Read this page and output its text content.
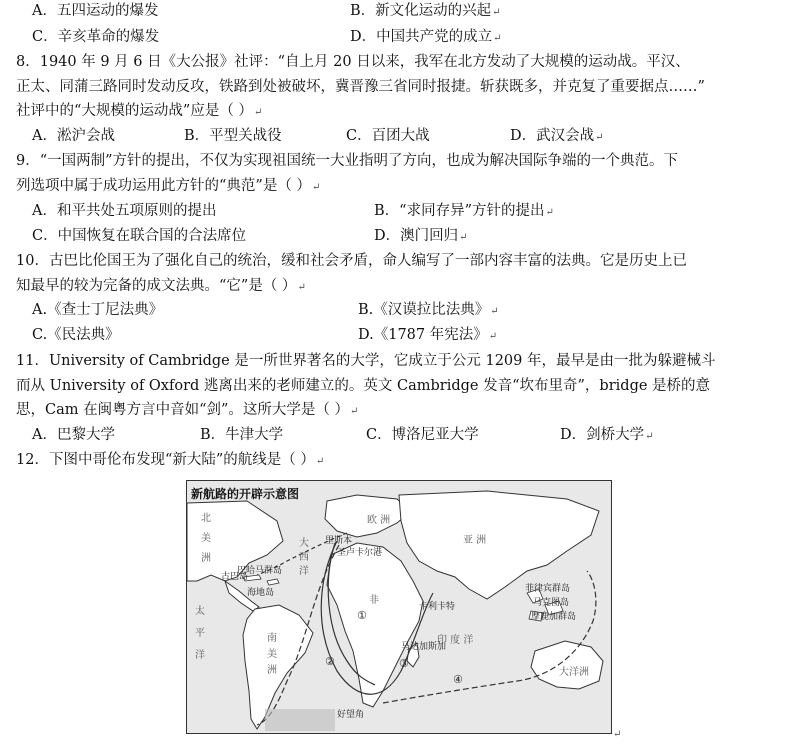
A．五四运动的爆发	B．新文化运动的兴起↵
C．辛亥革命的爆发	D．中国共产党的成立↵
8．1940 年 9 月 6 日《大公报》社评：“自上月 20 日以来，我军在北方发动了大规模的运动战。平汉、
正太、同蒲三路同时发动反攻，铁路到处被破坏，冀晋豫三省同时报捷。斩获既多，并克复了重要据点……”
社评中的“大规模的运动战”应是（ ）↵
A．淞沪会战	B．平型关战役	C．百团大战	D．武汉会战↵
9．“一国两制”方针的提出，不仅为实现祖国统一大业指明了方向，也成为解决国际争端的一个典范。下
列选项中属于成功运用此方针的“典范”是（ ）↵
A．和平共处五项原则的提出	B．“求同存异”方针的提出↵
C．中国恢复在联合国的合法席位	D．澳门回归↵
10．古巴比伦国王为了强化自己的统治，缓和社会矛盾，命人编写了一部内容丰富的法典。它是历史上已
知最早的较为完备的成文法典。“它”是（ ）↵
A.《查士丁尼法典》	B.《汉谟拉比法典》↵
C.《民法典》	D.《1787 年宪法》↵
11．University of Cambridge 是一所世界著名的大学，它成立于公元 1209 年，最早是由一批为躲避械斗
而从 University of Oxford 逃离出来的老师建立的。英文 Cambridge 发音“坎布里奇”，bridge 是桥的意
思，Cam 在闽粤方言中音如“剑”。这所大学是（ ）↵
A．巴黎大学	B．牛津大学	C．博洛尼亚大学	D．剑桥大学↵
12．下图中哥伦布发现“新大陆”的航线是（ ）↵
新航路的开辟示意图
北
美
洲
南
美
洲
欧 洲
亚 洲
非
大洋洲
印 度 洋
大
西
洋
太
平
洋
里斯本
圣卢卡尔港
古巴岛
巴哈马群岛
海地岛
好望角
卡利卡特
马达加斯加
菲律宾群岛
马克图岛
摩鹿加群岛
①
②	③
④
↵
